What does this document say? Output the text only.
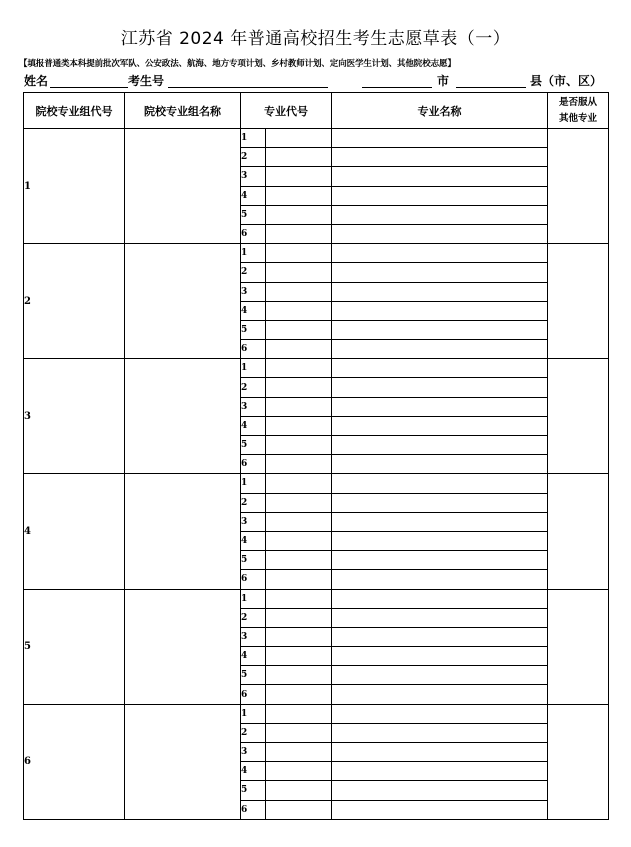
江苏省 2024 年普通高校招生考生志愿草表（一）
【填报普通类本科提前批次军队、公安政法、航海、地方专项计划、乡村教师计划、定向医学生计划、其他院校志愿】
姓名	考生号	市	县（市、区）
院校专业组代号	院校专业组名称	专业代号		专业名称	是否服从
其他专业

1		1			
		2			
		3			
		4			
		5			
		6			
2		1			
		2			
		3			
		4			
		5			
		6			
3		1			
		2			
		3			
		4			
		5			
		6			
4		1			
		2			
		3			
		4			
		5			
		6			
5		1			
		2			
		3			
		4			
		5			
		6			
6		1			
		2			
		3			
		4			
		5			
		6			
